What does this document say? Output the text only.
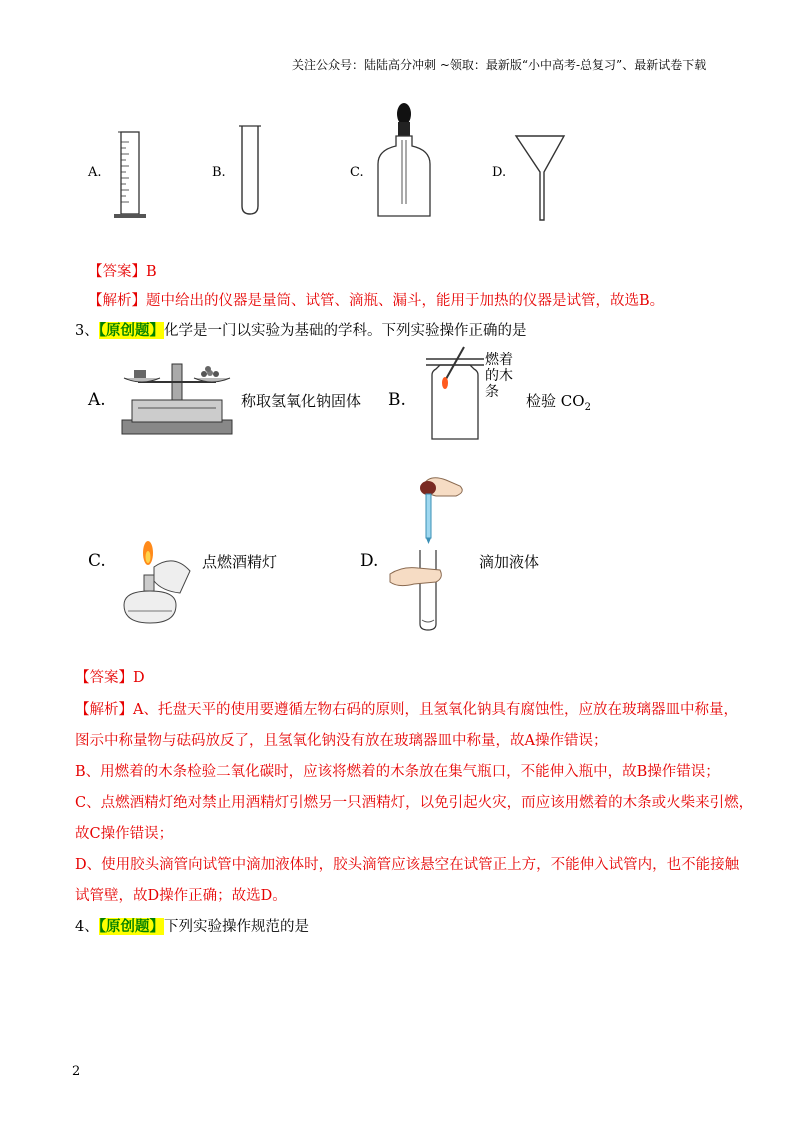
关注公众号：陆陆高分冲刺 ~领取：最新版“小中高考-总复习”、最新试卷下载
A.	B.	C.	D.
【答案】B
【解析】题中给出的仪器是量筒、试管、滴瓶、漏斗，能用于加热的仪器是试管，故选B。
3、【原创题】化学是一门以实验为基础的学科。下列实验操作正确的是
A.	称取氢氧化钠固体 B.
燃着
的木
条	检验 $CO_2$
C.	点燃酒精灯	D.	滴加液体
【答案】D
【解析】A、托盘天平的使用要遵循左物右码的原则，且氢氧化钠具有腐蚀性，应放在玻璃器皿中称量，
图示中称量物与砝码放反了，且氢氧化钠没有放在玻璃器皿中称量，故A操作错误；
B、用燃着的木条检验二氧化碳时，应该将燃着的木条放在集气瓶口，不能伸入瓶中，故B操作错误；
C、点燃酒精灯绝对禁止用酒精灯引燃另一只酒精灯，以免引起火灾，而应该用燃着的木条或火柴来引燃，
故C操作错误；
D、使用胶头滴管向试管中滴加液体时，胶头滴管应该悬空在试管正上方，不能伸入试管内，也不能接触
试管壁，故D操作正确；故选D。
4、【原创题】下列实验操作规范的是
2
